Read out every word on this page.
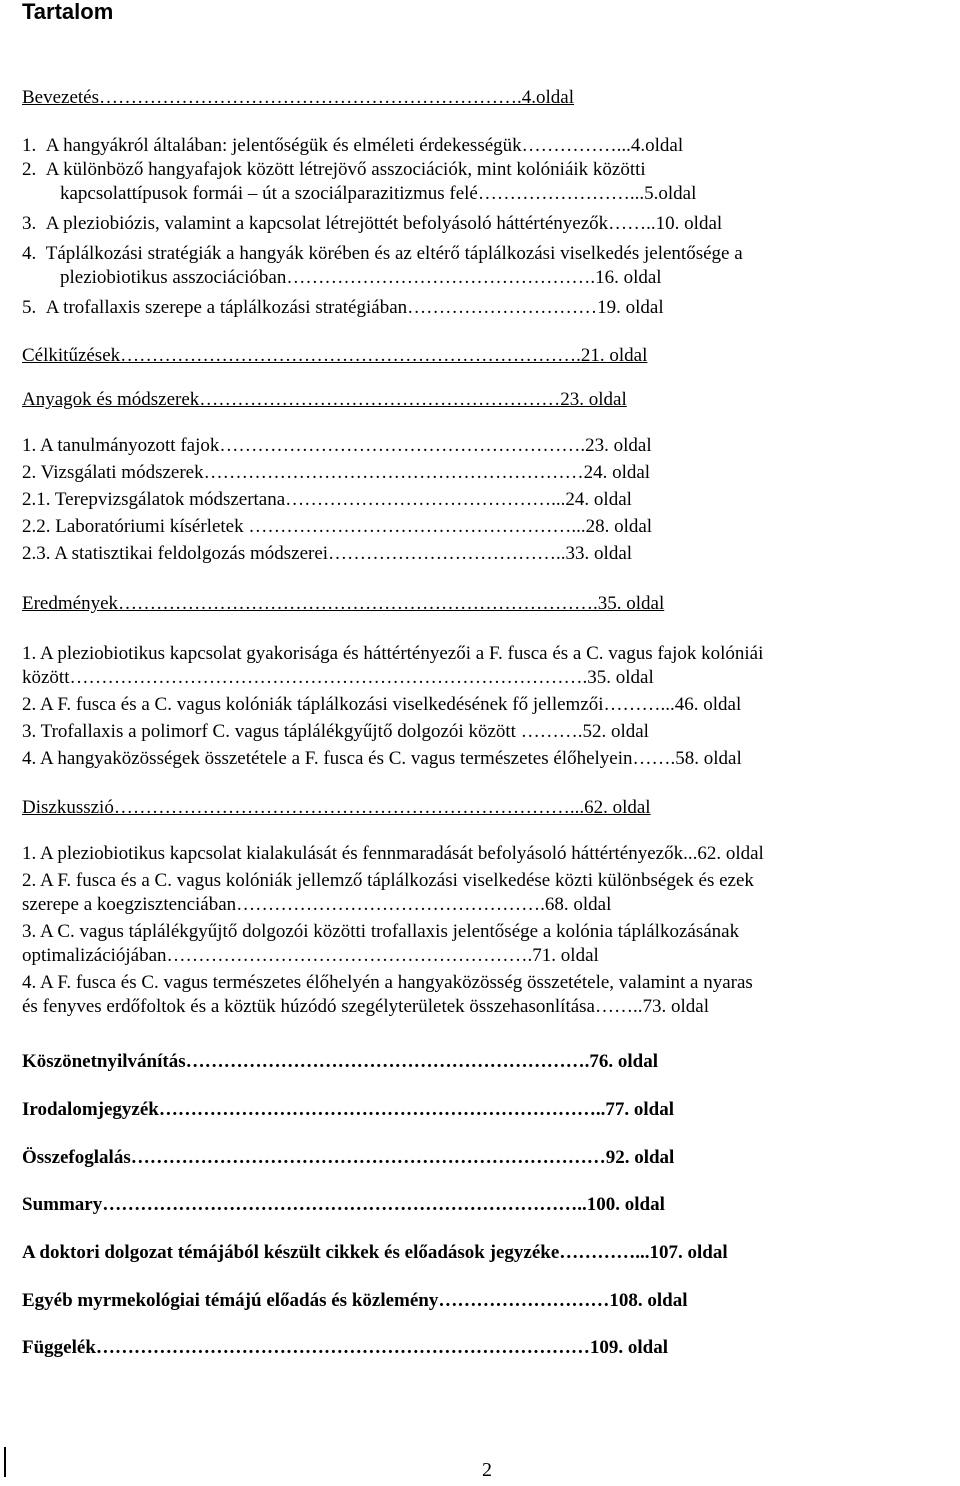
Tartalom
Bevezetés………………………………………………………….4.oldal
1.  A hangyákról általában: jelentőségük és elméleti érdekességük……………...4.oldal
2.  A különböző hangyafajok között létrejövő asszociációk, mint kolóniáik közötti
kapcsolattípusok formái – út a szociálparazitizmus felé……………………...5.oldal
3.  A pleziobiózis, valamint a kapcsolat létrejöttét befolyásoló háttértényezők……..10. oldal
4.  Táplálkozási stratégiák a hangyák körében és az eltérő táplálkozási viselkedés jelentősége a
pleziobiotikus asszociációban………………………………………….16. oldal
5.  A trofallaxis szerepe a táplálkozási stratégiában…………………………19. oldal
Célkitűzések……………………………………………………………….21. oldal
Anyagok és módszerek…………………………………………………23. oldal
1. A tanulmányozott fajok………………………………………………….23. oldal
2. Vizsgálati módszerek……………………………………………………24. oldal
2.1. Terepvizsgálatok módszertana……………………………………...24. oldal
2.2. Laboratóriumi kísérletek ……………………………………………...28. oldal
2.3. A statisztikai feldolgozás módszerei………………………………..33. oldal
Eredmények………………………………………………………………….35. oldal
1. A pleziobiotikus kapcsolat gyakorisága és háttértényezői a F. fusca és a C. vagus fajok kolóniái
között……………………………………………………………………….35. oldal
2. A F. fusca és a C. vagus kolóniák táplálkozási viselkedésének fő jellemzői………...46. oldal
3. Trofallaxis a polimorf C. vagus táplálékgyűjtő dolgozói között ……….52. oldal
4. A hangyaközösségek összetétele a F. fusca és C. vagus természetes élőhelyein…….58. oldal
Diszkusszió………………………………………………………………...62. oldal
1. A pleziobiotikus kapcsolat kialakulását és fennmaradását befolyásoló háttértényezők...62. oldal
2. A F. fusca és a C. vagus kolóniák jellemző táplálkozási viselkedése közti különbségek és ezek
szerepe a koegzisztenciában………………………………………….68. oldal
3. A C. vagus táplálékgyűjtő dolgozói közötti trofallaxis jelentősége a kolónia táplálkozásának
optimalizációjában………………………………………………….71. oldal
4. A F. fusca és C. vagus természetes élőhelyén a hangyaközösség összetétele, valamint a nyaras
és fenyves erdőfoltok és a köztük húzódó szegélyterületek összehasonlítása……..73. oldal
Köszönetnyilvánítás……………………………………………………….76. oldal
Irodalomjegyzék……………………………………………………………..77. oldal
Összefoglalás…………………………………………………………………92. oldal
Summary…………………………………………………………………..100. oldal
A doktori dolgozat témájából készült cikkek és előadások jegyzéke…………...107. oldal
Egyéb myrmekológiai témájú előadás és közlemény………………………108. oldal
Függelék……………………………………………………………………109. oldal
2
